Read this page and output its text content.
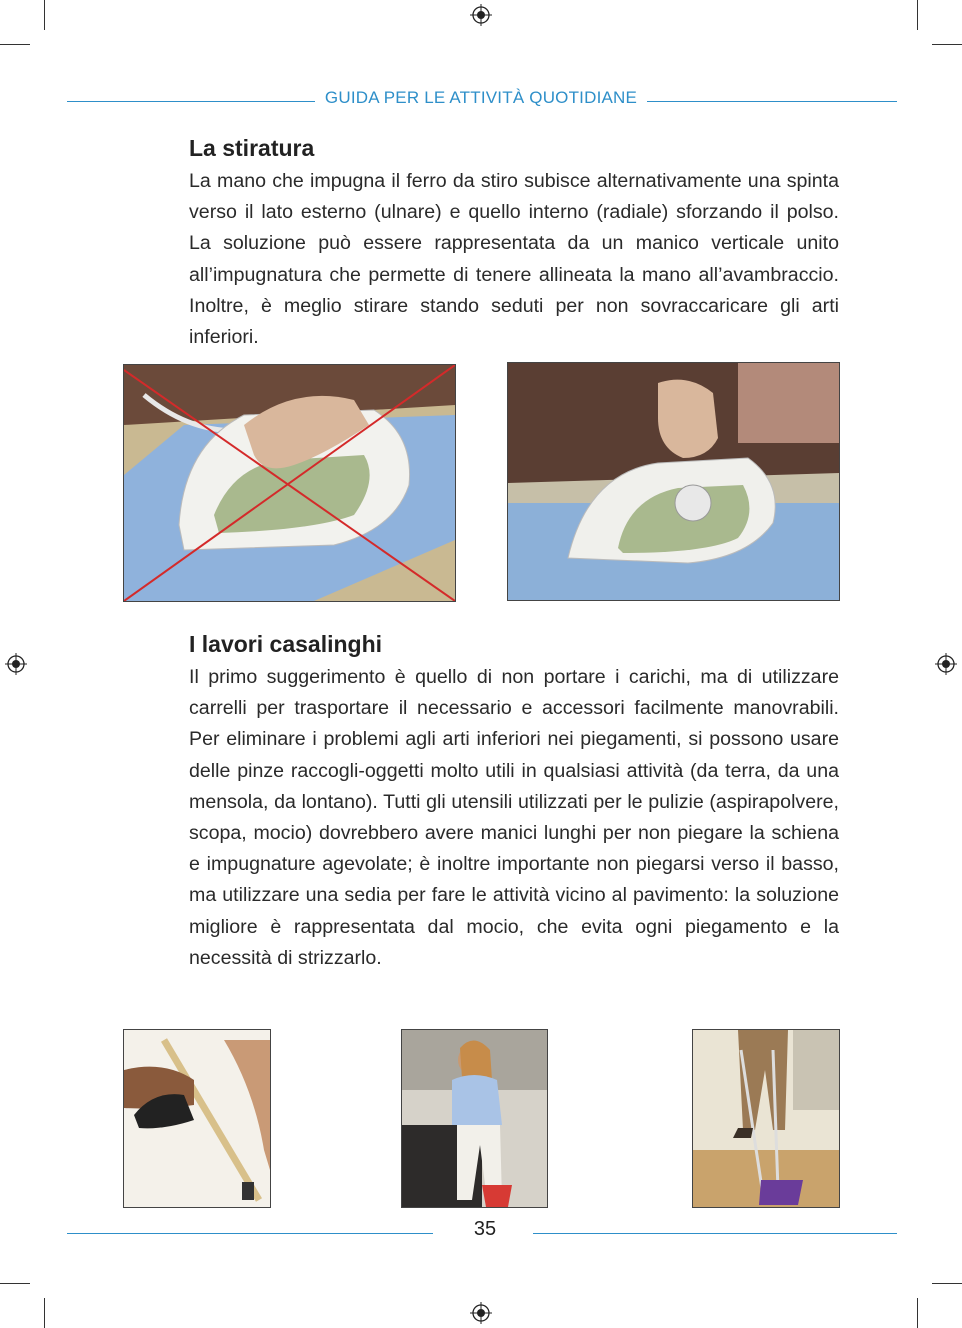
GUIDA PER LE ATTIVITÀ QUOTIDIANE
La stiratura

La mano che impugna il ferro da stiro subisce alternativamente una spinta verso il lato esterno (ulnare) e quello interno (radiale) sforzando il polso. La soluzione può essere rappresentata da un manico verticale unito all’impugnatura che permette di tenere allineata la mano all’avambraccio. Inoltre, è meglio stirare stando seduti per non sovraccaricare gli arti inferiori.

I lavori casalinghi

Il primo suggerimento è quello di non portare i carichi, ma di utilizzare carrelli per trasportare il necessario e accessori facilmente manovrabili. Per eliminare i problemi agli arti inferiori nei piegamenti, si possono usare delle pinze raccogli-oggetti molto utili in qualsiasi attività (da terra, da una mensola, da lontano). Tutti gli utensili utilizzati per le pulizie (aspirapolvere, scopa, mocio) dovrebbero avere manici lunghi per non piegare la schiena e impugnature agevolate; è inoltre importante non piegarsi verso il basso, ma utilizzare una sedia per fare le attività vicino al pavimento: la soluzione migliore è rappresentata dal mocio, che evita ogni piegamento e la necessità di strizzarlo.

35
